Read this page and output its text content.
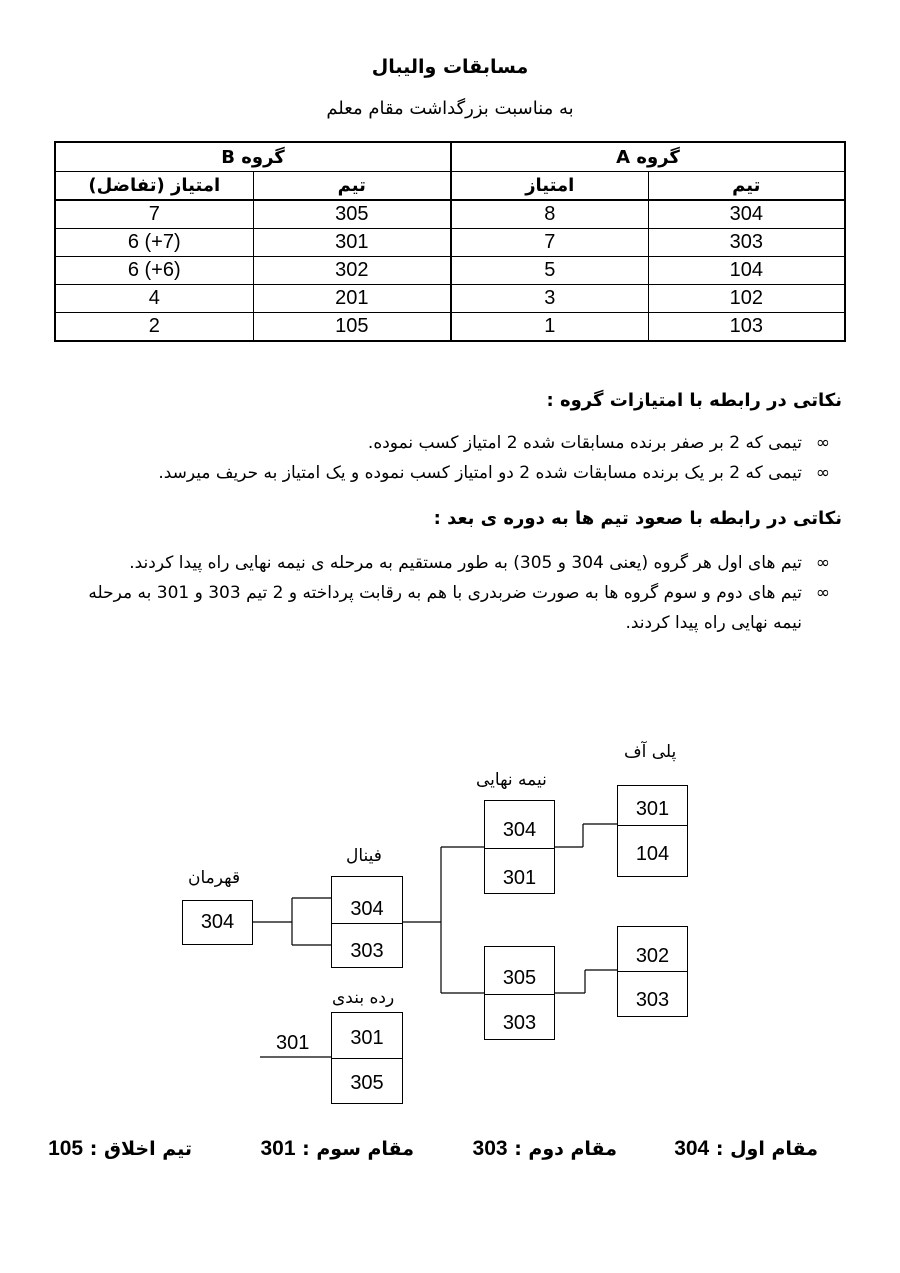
مسابقات والیبال
به مناسبت بزرگداشت مقام معلم
گروه A		گروه B	
تیم	امتیاز	تیم	امتیاز (تفاضل)
304	8	305	7
303	7	301	6 (+7)
104	5	302	6 (+6)
102	3	201	4
103	1	105	2
نکاتی در رابطه با امتیازات گروه :
∞
تیمی که 2 بر صفر برنده مسابقات شده 2 امتیاز کسب نموده.
∞
تیمی که 2 بر یک برنده مسابقات شده 2 دو امتیاز کسب نموده و یک امتیاز به حریف میرسد.
نکاتی در رابطه با صعود تیم ها به دوره ی بعد :
∞
تیم های اول هر گروه (یعنی 304 و 305) به طور مستقیم به مرحله ی نیمه نهایی راه پیدا کردند.
∞
تیم های دوم و سوم گروه ها به صورت ضربدری با هم به رقابت پرداخته و 2 تیم 303 و 301 به مرحله نیمه نهایی راه پیدا کردند.
پلی آف
نیمه نهایی
فینال
قهرمان
رده بندی
301
104
302
303
304
301
305
303
304
303
304
301
305
301
مقام اول : 304
مقام دوم : 303
مقام سوم : 301
تیم اخلاق : 105
